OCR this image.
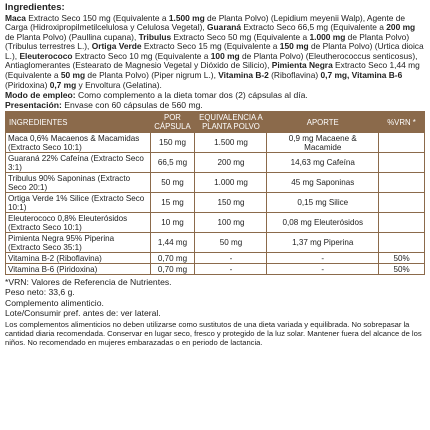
Ingredientes:

Maca Extracto Seco 150 mg (Equivalente a 1.500 mg de Planta Polvo) (Lepidium meyenii Walp), Agente de Carga (Hidroxipropilmetilcelulosa y Celulosa Vegetal), Guaraná Extracto Seco 66,5 mg (Equivalente a 200 mg de Planta Polvo) (Paullina cupana), Tribulus Extracto Seco 50 mg (Equivalente a 1.000 mg de Planta Polvo) (Tribulus terrestres L.), Ortiga Verde Extracto Seco 15 mg (Equivalente a 150 mg de Planta Polvo) (Urtica dioica L.), Eleuterococo Extracto Seco 10 mg (Equivalente a 100 mg de Planta Polvo) (Eleutherococcus senticosus), Antiaglomerantes (Estearato de Magnesio Vegetal y Dióxido de Silicio), Pimienta Negra Extracto Seco 1,44 mg (Equivalente a 50 mg de Planta Polvo) (Piper nigrum L.), Vitamina B-2 (Riboflavina) 0,7 mg, Vitamina B-6 (Piridoxina) 0,7 mg y Envoltura (Gelatina).

Modo de empleo: Como complemento a la dieta tomar dos (2) cápsulas al día.

Presentación: Envase con 60 cápsulas de 560 mg.

INGREDIENTES	POR CÁPSULA	EQUIVALENCIA A PLANTA POLVO	APORTE	%VRN *
Maca 0,6% Macaenos & Macamidas (Extracto Seco 10:1)	150 mg	1.500 mg	0,9 mg Macaene & Macamide	
Guaraná 22% Cafeína (Extracto Seco 3:1)	66,5 mg	200 mg	14,63 mg Cafeína	
Tribulus 90% Saponinas (Extracto Seco 20:1)	50 mg	1.000 mg	45 mg Saponinas	
Ortiga Verde 1% Silice (Extracto Seco 10:1)	15 mg	150 mg	0,15 mg Silice	
Eleuterococo 0,8% Eleuterósidos (Extracto Seco 10:1)	10 mg	100 mg	0,08 mg Eleuterósidos	
Pimienta Negra 95% Piperina (Extracto Seco 35:1)	1,44 mg	50 mg	1,37 mg Piperina	
Vitamina B-2 (Riboflavina)	0,70 mg	-	-	50%
Vitamina B-6 (Piridoxina)	0,70 mg	-	-	50%

*VRN: Valores de Referencia de Nutrientes.

Peso neto: 33,6 g.

Complemento alimenticio.

Lote/Consumir pref. antes de: ver lateral.

Los complementos alimenticios no deben utilizarse como sustitutos de una dieta variada y equilibrada. No sobrepasar la cantidad diaria recomendada. Conservar en lugar seco, fresco y protegido de la luz solar. Mantener fuera del alcance de los niños. No recomendado en mujeres embarazadas o en periodo de lactancia.
